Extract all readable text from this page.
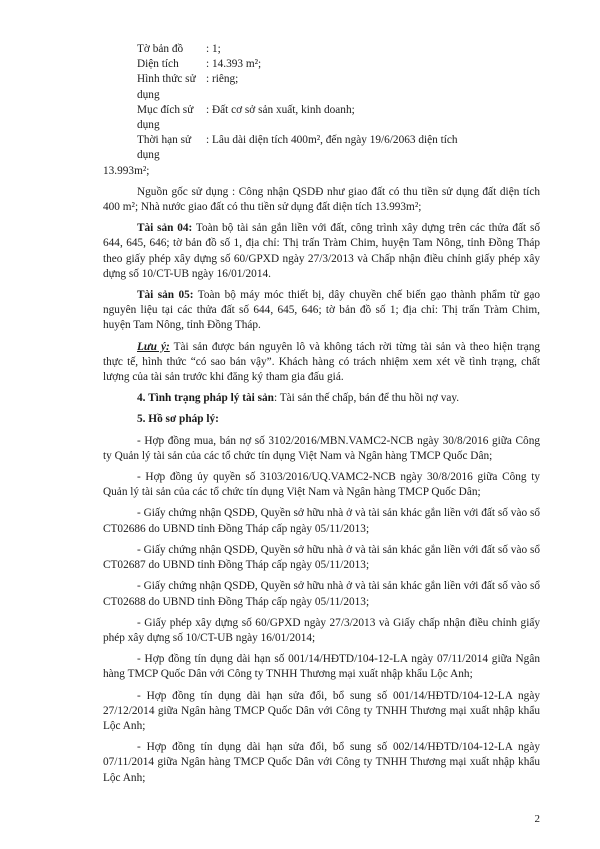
Tờ bản đồ	: 1;
Diện tích	: 14.393 m²;
Hình thức sử dụng
: riêng;
Mục đích sử dụng
: Đất cơ sở sản xuất, kinh doanh;
Thời hạn sử dụng
: Lâu dài diện tích 400m², đến ngày 19/6/2063 diện tích
13.993m²;

Nguồn gốc sử dụng : Công nhận QSDĐ như giao đất có thu tiền sử dụng đất diện tích 400 m²; Nhà nước giao đất có thu tiền sử dụng đất diện tích 13.993m²;

Tài sản 04: Toàn bộ tài sản gắn liền với đất, công trình xây dựng trên các thửa đất số 644, 645, 646; tờ bản đồ số 1, địa chỉ: Thị trấn Tràm Chim, huyện Tam Nông, tỉnh Đồng Tháp theo giấy phép xây dựng số 60/GPXD ngày 27/3/2013 và Chấp nhận điều chỉnh giấy phép xây dựng số 10/CT-UB ngày 16/01/2014.

Tài sản 05: Toàn bộ máy móc thiết bị, dây chuyền chế biến gạo thành phẩm từ gạo nguyên liệu tại các thửa đất số 644, 645, 646; tờ bản đồ số 1; địa chỉ: Thị trấn Tràm Chim, huyện Tam Nông, tỉnh Đồng Tháp.

Lưu ý: Tài sản được bán nguyên lô và không tách rời từng tài sản và theo hiện trạng thực tế, hình thức “có sao bán vậy”. Khách hàng có trách nhiệm xem xét về tình trạng, chất lượng của tài sản trước khi đăng ký tham gia đấu giá.

4. Tình trạng pháp lý tài sản: Tài sản thế chấp, bán để thu hồi nợ vay.

5. Hồ sơ pháp lý:

- Hợp đồng mua, bán nợ số 3102/2016/MBN.VAMC2-NCB ngày 30/8/2016 giữa Công ty Quản lý tài sản của các tổ chức tín dụng Việt Nam và Ngân hàng TMCP Quốc Dân;

- Hợp đồng ủy quyền số 3103/2016/UQ.VAMC2-NCB ngày 30/8/2016 giữa Công ty Quản lý tài sản của các tổ chức tín dụng Việt Nam và Ngân hàng TMCP Quốc Dân;

- Giấy chứng nhận QSDĐ, Quyền sở hữu nhà ở và tài sản khác gắn liền với đất số vào sổ CT02686 do UBND tỉnh Đồng Tháp cấp ngày 05/11/2013;

- Giấy chứng nhận QSDĐ, Quyền sở hữu nhà ở và tài sản khác gắn liền với đất số vào sổ CT02687 do UBND tỉnh Đồng Tháp cấp ngày 05/11/2013;

- Giấy chứng nhận QSDĐ, Quyền sở hữu nhà ở và tài sản khác gắn liền với đất số vào sổ CT02688 do UBND tỉnh Đồng Tháp cấp ngày 05/11/2013;

- Giấy phép xây dựng số 60/GPXD ngày 27/3/2013 và Giấy chấp nhận điều chỉnh giấy phép xây dựng số 10/CT-UB ngày 16/01/2014;

- Hợp đồng tín dụng dài hạn số 001/14/HĐTD/104-12-LA ngày 07/11/2014 giữa Ngân hàng TMCP Quốc Dân với Công ty TNHH Thương mại xuất nhập khẩu Lộc Anh;

- Hợp đồng tín dụng dài hạn sửa đổi, bổ sung số 001/14/HĐTD/104-12-LA ngày 27/12/2014 giữa Ngân hàng TMCP Quốc Dân với Công ty TNHH Thương mại xuất nhập khẩu Lộc Anh;

- Hợp đồng tín dụng dài hạn sửa đổi, bổ sung số 002/14/HĐTD/104-12-LA ngày 07/11/2014 giữa Ngân hàng TMCP Quốc Dân với Công ty TNHH Thương mại xuất nhập khẩu Lộc Anh;

2
